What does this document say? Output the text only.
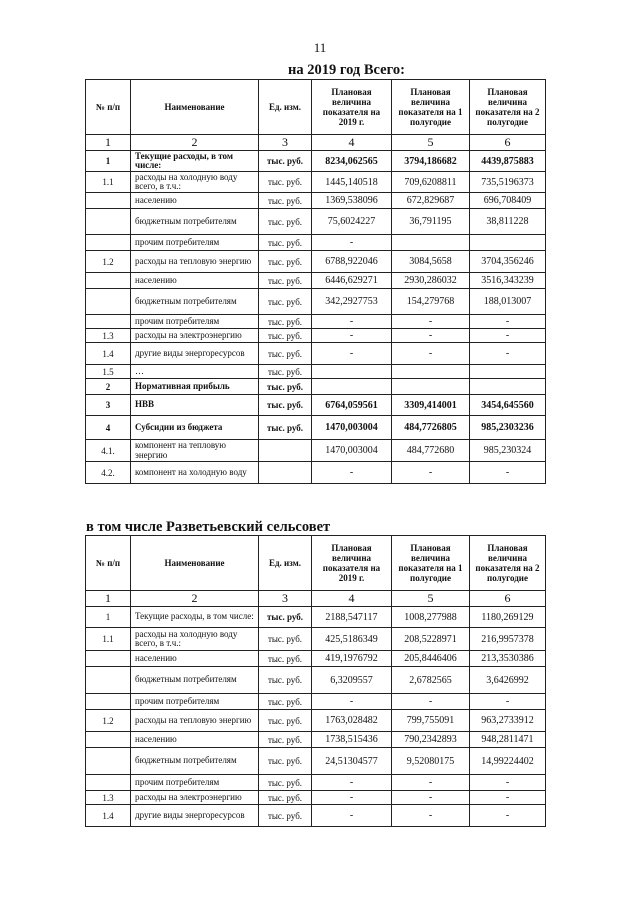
11
на 2019 год Всего:
№ п/п	Наименование	Ед. изм.	Плановая величина показателя на 2019 г.	Плановая величина показателя на 1 полугодие	Плановая величина показателя на 2 полугодие
1	2	3	4	5	6
1	Текущие расходы, в том числе:	тыс. руб.	8234,062565	3794,186682	4439,875883
1.1	расходы на холодную воду всего, в т.ч.:	тыс. руб.	1445,140518	709,6208811	735,5196373
	населению	тыс. руб.	1369,538096	672,829687	696,708409
	бюджетным потребителям	тыс. руб.	75,6024227	36,791195	38,811228
	прочим потребителям	тыс. руб.	-		
1.2	расходы на тепловую энергию	тыс. руб.	6788,922046	3084,5658	3704,356246
	населению	тыс. руб.	6446,629271	2930,286032	3516,343239
	бюджетным потребителям	тыс. руб.	342,2927753	154,279768	188,013007
	прочим потребителям	тыс. руб.	-	-	-
1.3	расходы на электроэнергию	тыс. руб.	-	-	-
1.4	другие виды энергоресурсов	тыс. руб.	-	-	-
1.5	…	тыс. руб.			
2	Нормативная прибыль	тыс. руб.			
3	НВВ	тыс. руб.	6764,059561	3309,414001	3454,645560
4	Субсидии из бюджета	тыс. руб.	1470,003004	484,7726805	985,2303236
4.1.	компонент на тепловую энергию		1470,003004	484,772680	985,230324
4.2.	компонент на холодную воду		-	-	-
в том числе Разветьевский сельсовет
№ п/п	Наименование	Ед. изм.	Плановая величина показателя на 2019 г.	Плановая величина показателя на 1 полугодие	Плановая величина показателя на 2 полугодие
1	2	3	4	5	6
1	Текущие расходы, в том числе:	тыс. руб.	2188,547117	1008,277988	1180,269129
1.1	расходы на холодную воду всего, в т.ч.:	тыс. руб.	425,5186349	208,5228971	216,9957378
	населению	тыс. руб.	419,1976792	205,8446406	213,3530386
	бюджетным потребителям	тыс. руб.	6,3209557	2,6782565	3,6426992
	прочим потребителям	тыс. руб.	-	-	-
1.2	расходы на тепловую энергию	тыс. руб.	1763,028482	799,755091	963,2733912
	населению	тыс. руб.	1738,515436	790,2342893	948,2811471
	бюджетным потребителям	тыс. руб.	24,51304577	9,52080175	14,99224402
	прочим потребителям	тыс. руб.	-	-	-
1.3	расходы на электроэнергию	тыс. руб.	-	-	-
1.4	другие виды энергоресурсов	тыс. руб.	-	-	-
